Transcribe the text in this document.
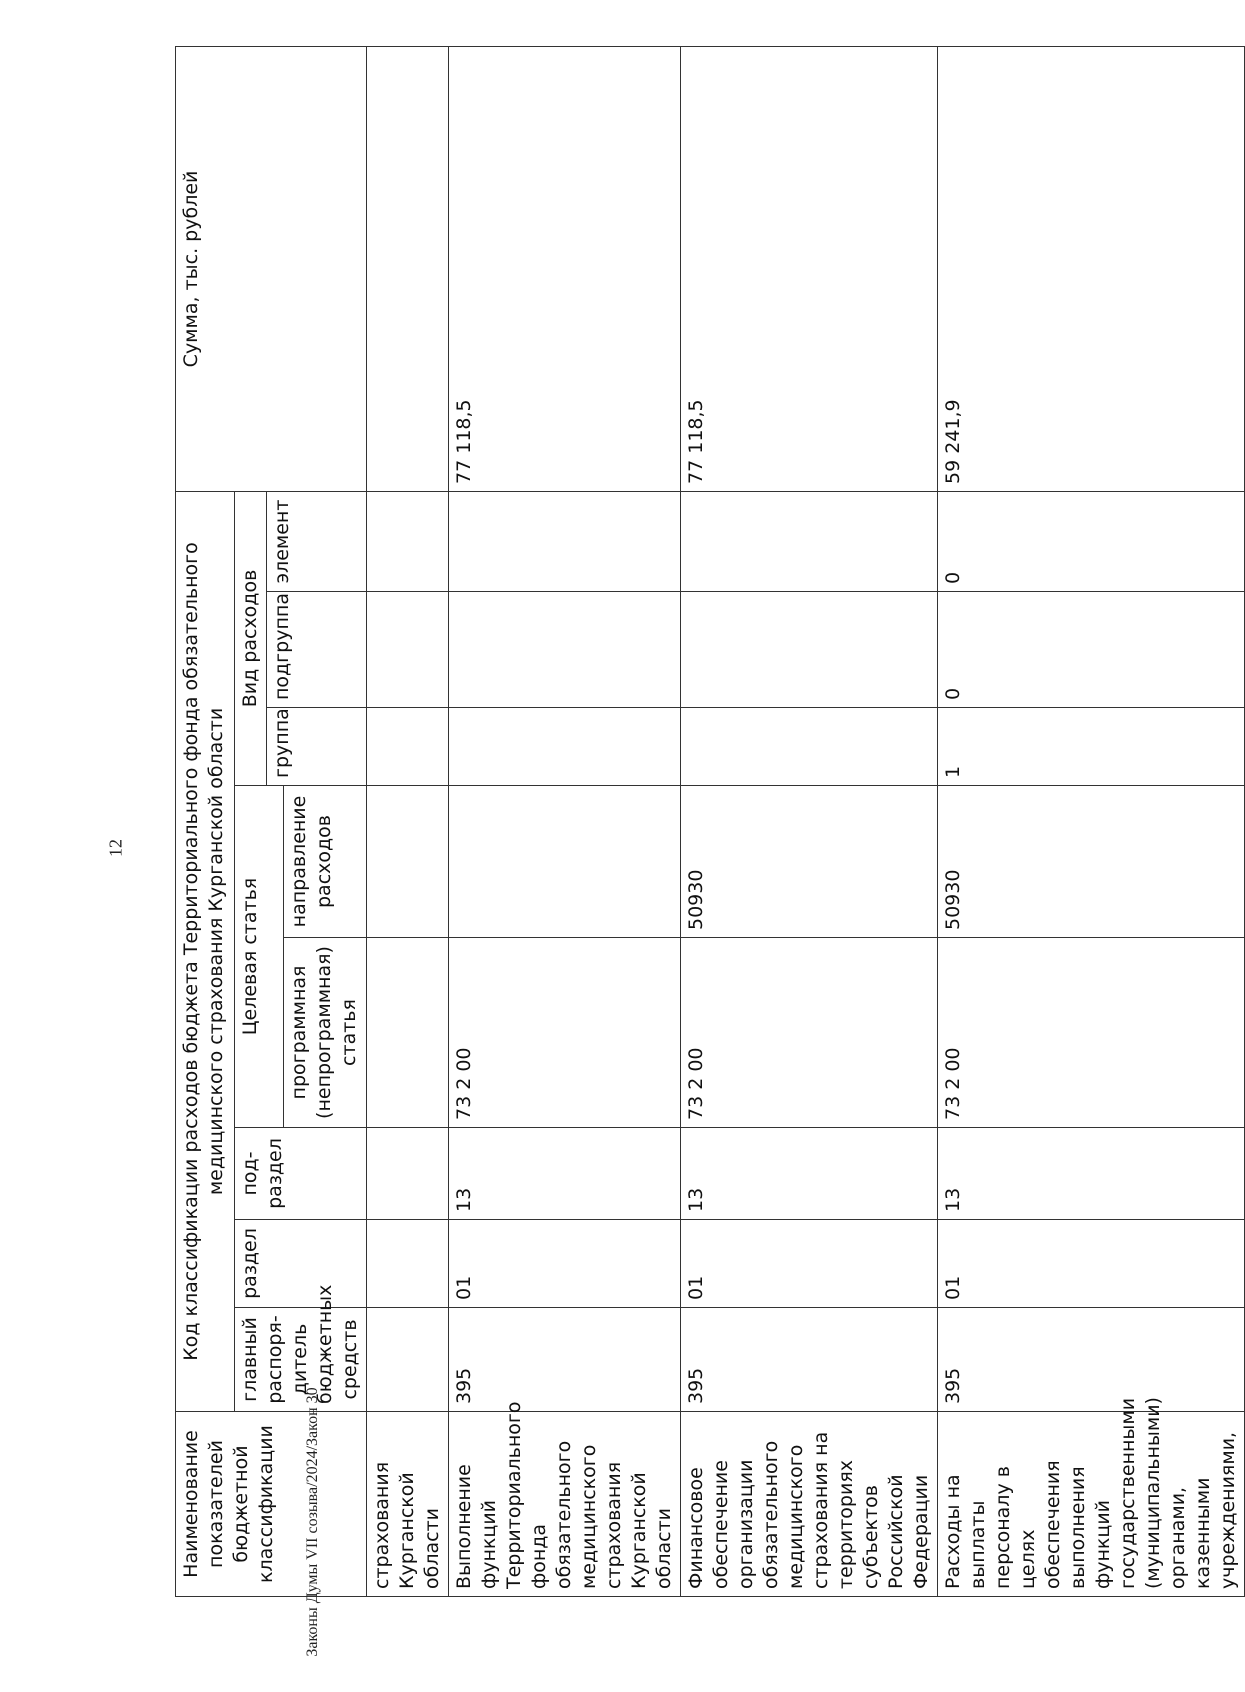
12
Наименование показателей бюджетной классификации	Код классификации расходов бюджета Территориального фонда обязательного медицинского страхования Курганской области								Сумма, тыс. рублей
	главный распоря- дитель бюджетных средств	раздел	под- раздел	Целевая статья		Вид расходов			
						группа	подгруппа	элемент	
				программная (непрограммная) статья	направление расходов				
страхования Курганской области									
Выполнение функций Территориального фонда обязательного медицинского страхования Курганской области	395	01	13	73 2 00					77 118,5
Финансовое обеспечение организации обязательного медицинского страхования на территориях субъектов Российской Федерации	395	01	13	73 2 00	50930				77 118,5
Расходы на выплаты персоналу в целях обеспечения выполнения функций государственными (муниципальными) органами, казенными учреждениями,	395	01	13	73 2 00	50930	1	0	0	59 241,9
Законы Думы VII созыва/2024/Закон 30
